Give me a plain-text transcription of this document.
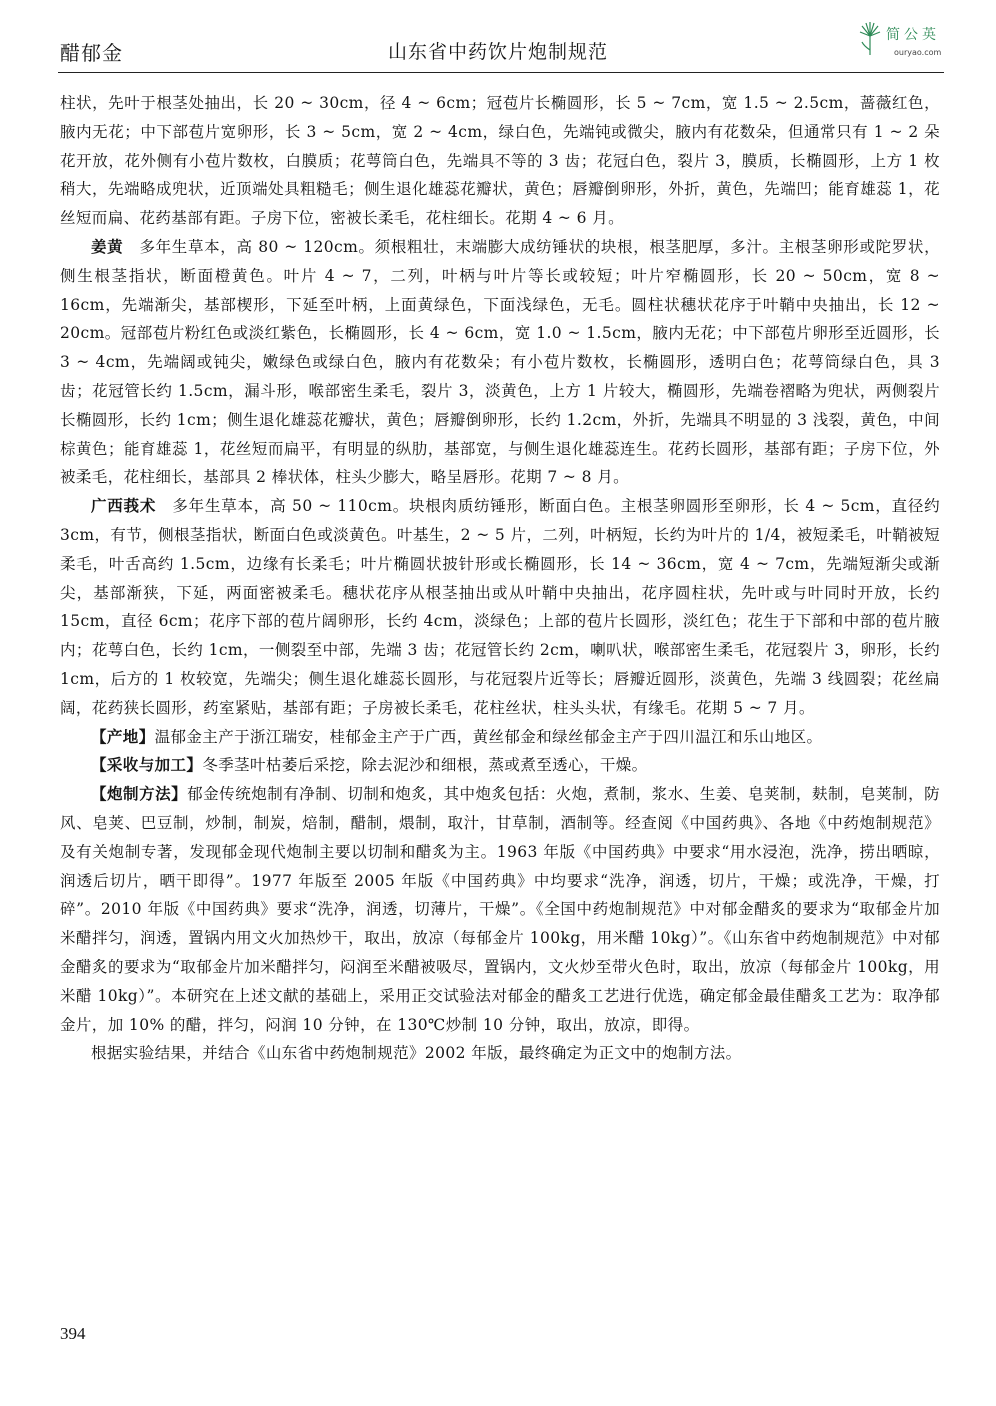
醋郁金	山东省中药饮片炮制规范
简公英
ouryao.com

柱状，先叶于根茎处抽出，长 20 ~ 30cm，径 4 ~ 6cm；冠苞片长椭圆形，长 5 ~ 7cm，宽 1.5 ~ 2.5cm，蔷薇红色，腋内无花；中下部苞片宽卵形，长 3 ~ 5cm，宽 2 ~ 4cm，绿白色，先端钝或微尖，腋内有花数朵，但通常只有 1 ~ 2 朵花开放，花外侧有小苞片数枚，白膜质；花萼筒白色，先端具不等的 3 齿；花冠白色，裂片 3，膜质，长椭圆形，上方 1 枚稍大，先端略成兜状，近顶端处具粗糙毛；侧生退化雄蕊花瓣状，黄色；唇瓣倒卵形，外折，黄色，先端凹；能育雄蕊 1，花丝短而扁、花药基部有距。子房下位，密被长柔毛，花柱细长。花期 4 ~ 6 月。

姜黄　多年生草本，高 80 ~ 120cm。须根粗壮，末端膨大成纺锤状的块根，根茎肥厚，多汁。主根茎卵形或陀罗状，侧生根茎指状，断面橙黄色。叶片 4 ~ 7，二列，叶柄与叶片等长或较短；叶片窄椭圆形，长 20 ~ 50cm，宽 8 ~ 16cm，先端渐尖，基部楔形，下延至叶柄，上面黄绿色，下面浅绿色，无毛。圆柱状穗状花序于叶鞘中央抽出，长 12 ~ 20cm。冠部苞片粉红色或淡红紫色，长椭圆形，长 4 ~ 6cm，宽 1.0 ~ 1.5cm，腋内无花；中下部苞片卵形至近圆形，长 3 ~ 4cm，先端阔或钝尖，嫩绿色或绿白色，腋内有花数朵；有小苞片数枚，长椭圆形，透明白色；花萼筒绿白色，具 3 齿；花冠管长约 1.5cm，漏斗形，喉部密生柔毛，裂片 3，淡黄色，上方 1 片较大，椭圆形，先端卷褶略为兜状，两侧裂片长椭圆形，长约 1cm；侧生退化雄蕊花瓣状，黄色；唇瓣倒卵形，长约 1.2cm，外折，先端具不明显的 3 浅裂，黄色，中间棕黄色；能育雄蕊 1，花丝短而扁平，有明显的纵肋，基部宽，与侧生退化雄蕊连生。花药长圆形，基部有距；子房下位，外被柔毛，花柱细长，基部具 2 棒状体，柱头少膨大，略呈唇形。花期 7 ~ 8 月。

广西莪术　多年生草本，高 50 ~ 110cm。块根肉质纺锤形，断面白色。主根茎卵圆形至卵形，长 4 ~ 5cm，直径约 3cm，有节，侧根茎指状，断面白色或淡黄色。叶基生，2 ~ 5 片，二列，叶柄短，长约为叶片的 1/4，被短柔毛，叶鞘被短柔毛，叶舌高约 1.5cm，边缘有长柔毛；叶片椭圆状披针形或长椭圆形，长 14 ~ 36cm，宽 4 ~ 7cm，先端短渐尖或渐尖，基部渐狭，下延，两面密被柔毛。穗状花序从根茎抽出或从叶鞘中央抽出，花序圆柱状，先叶或与叶同时开放，长约 15cm，直径 6cm；花序下部的苞片阔卵形，长约 4cm，淡绿色；上部的苞片长圆形，淡红色；花生于下部和中部的苞片腋内；花萼白色，长约 1cm，一侧裂至中部，先端 3 齿；花冠管长约 2cm，喇叭状，喉部密生柔毛，花冠裂片 3，卵形，长约1cm，后方的 1 枚较宽，先端尖；侧生退化雄蕊长圆形，与花冠裂片近等长；唇瓣近圆形，淡黄色，先端 3 线圆裂；花丝扁阔，花药狭长圆形，药室紧贴，基部有距；子房被长柔毛，花柱丝状，柱头头状，有缘毛。花期 5 ~ 7 月。

【产地】温郁金主产于浙江瑞安，桂郁金主产于广西，黄丝郁金和绿丝郁金主产于四川温江和乐山地区。

【采收与加工】冬季茎叶枯萎后采挖，除去泥沙和细根，蒸或煮至透心，干燥。

【炮制方法】郁金传统炮制有净制、切制和炮炙，其中炮炙包括：火炮，煮制，浆水、生姜、皂荚制，麸制，皂荚制，防风、皂荚、巴豆制，炒制，制炭，焙制，醋制，煨制，取汁，甘草制，酒制等。经查阅《中国药典》、各地《中药炮制规范》及有关炮制专著，发现郁金现代炮制主要以切制和醋炙为主。1963 年版《中国药典》中要求“用水浸泡，洗净，捞出晒晾，润透后切片，晒干即得”。1977 年版至 2005 年版《中国药典》中均要求“洗净，润透，切片，干燥；或洗净，干燥，打碎”。2010 年版《中国药典》要求“洗净，润透，切薄片，干燥”。《全国中药炮制规范》中对郁金醋炙的要求为“取郁金片加米醋拌匀，润透，置锅内用文火加热炒干，取出，放凉（每郁金片 100kg，用米醋 10kg）”。《山东省中药炮制规范》中对郁金醋炙的要求为“取郁金片加米醋拌匀，闷润至米醋被吸尽，置锅内，文火炒至带火色时，取出，放凉（每郁金片 100kg，用米醋 10kg）”。本研究在上述文献的基础上，采用正交试验法对郁金的醋炙工艺进行优选，确定郁金最佳醋炙工艺为：取净郁金片，加 10% 的醋，拌匀，闷润 10 分钟，在 130℃炒制 10 分钟，取出，放凉，即得。

根据实验结果，并结合《山东省中药炮制规范》2002 年版，最终确定为正文中的炮制方法。

394
